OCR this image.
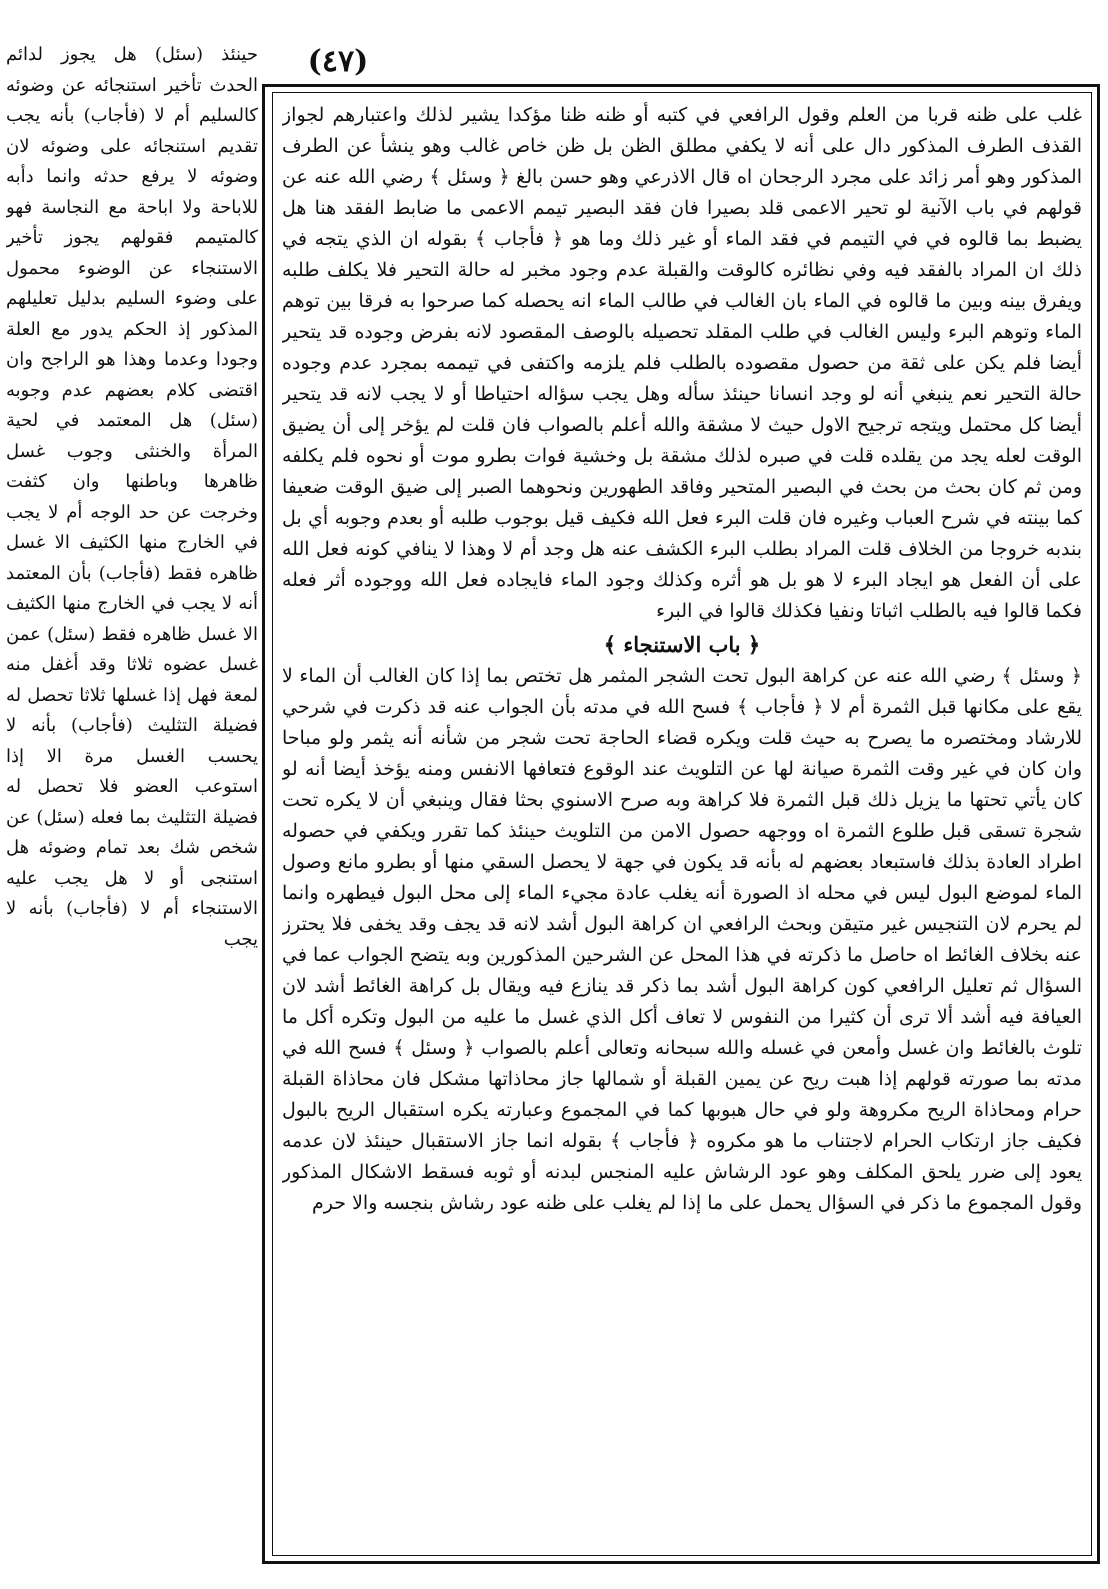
(٤٧)

حينئذ (سئل) هل يجوز لدائم الحدث تأخير استنجائه عن وضوئه كالسليم أم لا (فأجاب) بأنه يجب تقديم استنجائه على وضوئه لان وضوئه لا يرفع حدثه وانما دأبه للاباحة ولا اباحة مع النجاسة فهو كالمتيمم فقولهم يجوز تأخير الاستنجاء عن الوضوء محمول على وضوء السليم بدليل تعليلهم المذكور إذ الحكم يدور مع العلة وجودا وعدما وهذا هو الراجح وان اقتضى كلام بعضهم عدم وجوبه (سئل) هل المعتمد في لحية المرأة والخنثى وجوب غسل ظاهرها وباطنها وان كثفت وخرجت عن حد الوجه أم لا يجب في الخارج منها الكثيف الا غسل ظاهره فقط (فأجاب) بأن المعتمد أنه لا يجب في الخارج منها الكثيف الا غسل ظاهره فقط (سئل) عمن غسل عضوه ثلاثا وقد أغفل منه لمعة فهل إذا غسلها ثلاثا تحصل له فضيلة التثليث (فأجاب) بأنه لا يحسب الغسل مرة الا إذا استوعب العضو فلا تحصل له فضيلة التثليث بما فعله (سئل) عن شخص شك بعد تمام وضوئه هل استنجى أو لا هل يجب عليه الاستنجاء أم لا (فأجاب) بأنه لا يجب

غلب على ظنه قربا من العلم وقول الرافعي في كتبه أو ظنه ظنا مؤكدا يشير لذلك واعتبارهم لجواز القذف الطرف المذكور دال على أنه لا يكفي مطلق الظن بل ظن خاص غالب وهو ينشأ عن الطرف المذكور وهو أمر زائد على مجرد الرجحان اه قال الاذرعي وهو حسن بالغ ﴿ وسئل ﴾ رضي الله عنه عن قولهم في باب الآنية لو تحير الاعمى قلد بصيرا فان فقد البصير تيمم الاعمى ما ضابط الفقد هنا هل يضبط بما قالوه في في التيمم في فقد الماء أو غير ذلك وما هو ﴿ فأجاب ﴾ بقوله ان الذي يتجه في ذلك ان المراد بالفقد فيه وفي نظائره كالوقت والقبلة عدم وجود مخبر له حالة التحير فلا يكلف طلبه ويفرق بينه وبين ما قالوه في الماء بان الغالب في طالب الماء انه يحصله كما صرحوا به فرقا بين توهم الماء وتوهم البرء وليس الغالب في طلب المقلد تحصيله بالوصف المقصود لانه بفرض وجوده قد يتحير أيضا فلم يكن على ثقة من حصول مقصوده بالطلب فلم يلزمه واكتفى في تيممه بمجرد عدم وجوده حالة التحير نعم ينبغي أنه لو وجد انسانا حينئذ سأله وهل يجب سؤاله احتياطا أو لا يجب لانه قد يتحير أيضا كل محتمل ويتجه ترجيح الاول حيث لا مشقة والله أعلم بالصواب فان قلت لم يؤخر إلى أن يضيق الوقت لعله يجد من يقلده قلت في صبره لذلك مشقة بل وخشية فوات بطرو موت أو نحوه فلم يكلفه ومن ثم كان بحث من بحث في البصير المتحير وفاقد الطهورين ونحوهما الصبر إلى ضيق الوقت ضعيفا كما بينته في شرح العباب وغيره فان قلت البرء فعل الله فكيف قيل بوجوب طلبه أو بعدم وجوبه أي بل بندبه خروجا من الخلاف قلت المراد بطلب البرء الكشف عنه هل وجد أم لا وهذا لا ينافي كونه فعل الله على أن الفعل هو ايجاد البرء لا هو بل هو أثره وكذلك وجود الماء فايجاده فعل الله ووجوده أثر فعله فكما قالوا فيه بالطلب اثباتا ونفيا فكذلك قالوا في البرء

﴿ باب الاستنجاء ﴾

﴿ وسئل ﴾ رضي الله عنه عن كراهة البول تحت الشجر المثمر هل تختص بما إذا كان الغالب أن الماء لا يقع على مكانها قبل الثمرة أم لا ﴿ فأجاب ﴾ فسح الله في مدته بأن الجواب عنه قد ذكرت في شرحي للارشاد ومختصره ما يصرح به حيث قلت ويكره قضاء الحاجة تحت شجر من شأنه أنه يثمر ولو مباحا وان كان في غير وقت الثمرة صيانة لها عن التلويث عند الوقوع فتعافها الانفس ومنه يؤخذ أيضا أنه لو كان يأتي تحتها ما يزيل ذلك قبل الثمرة فلا كراهة وبه صرح الاسنوي بحثا فقال وينبغي أن لا يكره تحت شجرة تسقى قبل طلوع الثمرة اه ووجهه حصول الامن من التلويث حينئذ كما تقرر ويكفي في حصوله اطراد العادة بذلك فاستبعاد بعضهم له بأنه قد يكون في جهة لا يحصل السقي منها أو بطرو مانع وصول الماء لموضع البول ليس في محله اذ الصورة أنه يغلب عادة مجيء الماء إلى محل البول فيطهره وانما لم يحرم لان التنجيس غير متيقن وبحث الرافعي ان كراهة البول أشد لانه قد يجف وقد يخفى فلا يحترز عنه بخلاف الغائط اه حاصل ما ذكرته في هذا المحل عن الشرحين المذكورين وبه يتضح الجواب عما في السؤال ثم تعليل الرافعي كون كراهة البول أشد بما ذكر قد ينازع فيه ويقال بل كراهة الغائط أشد لان العيافة فيه أشد ألا ترى أن كثيرا من النفوس لا تعاف أكل الذي غسل ما عليه من البول وتكره أكل ما تلوث بالغائط وان غسل وأمعن في غسله والله سبحانه وتعالى أعلم بالصواب ﴿ وسئل ﴾ فسح الله في مدته بما صورته قولهم إذا هبت ريح عن يمين القبلة أو شمالها جاز محاذاتها مشكل فان محاذاة القبلة حرام ومحاذاة الريح مكروهة ولو في حال هبوبها كما في المجموع وعبارته يكره استقبال الريح بالبول فكيف جاز ارتكاب الحرام لاجتناب ما هو مكروه ﴿ فأجاب ﴾ بقوله انما جاز الاستقبال حينئذ لان عدمه يعود إلى ضرر يلحق المكلف وهو عود الرشاش عليه المنجس لبدنه أو ثوبه فسقط الاشكال المذكور وقول المجموع ما ذكر في السؤال يحمل على ما إذا لم يغلب على ظنه عود رشاش بنجسه والا حرم
